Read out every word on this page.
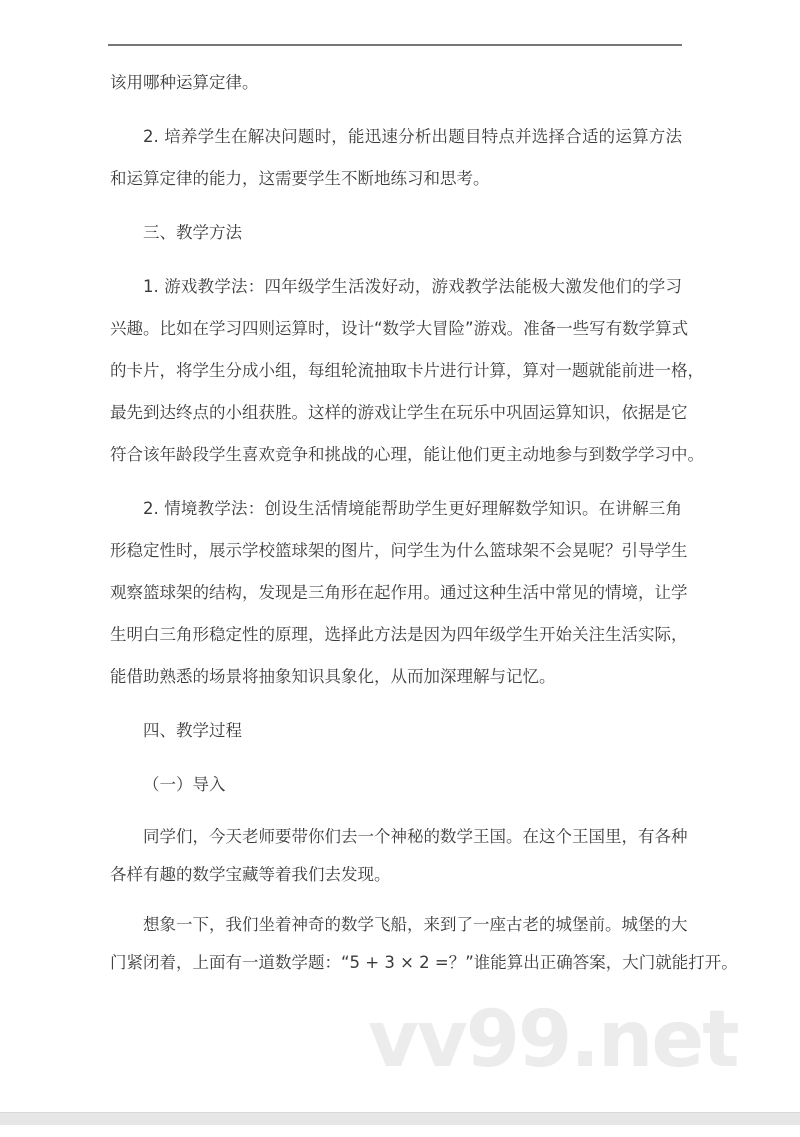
该用哪种运算定律。
2. 培养学生在解决问题时，能迅速分析出题目特点并选择合适的运算方法
和运算定律的能力，这需要学生不断地练习和思考。
三、教学方法
1. 游戏教学法：四年级学生活泼好动，游戏教学法能极大激发他们的学习
兴趣。比如在学习四则运算时，设计“数学大冒险”游戏。准备一些写有数学算式
的卡片，将学生分成小组，每组轮流抽取卡片进行计算，算对一题就能前进一格，
最先到达终点的小组获胜。这样的游戏让学生在玩乐中巩固运算知识，依据是它
符合该年龄段学生喜欢竞争和挑战的心理，能让他们更主动地参与到数学学习中。
2. 情境教学法：创设生活情境能帮助学生更好理解数学知识。在讲解三角
形稳定性时，展示学校篮球架的图片，问学生为什么篮球架不会晃呢？引导学生
观察篮球架的结构，发现是三角形在起作用。通过这种生活中常见的情境，让学
生明白三角形稳定性的原理，选择此方法是因为四年级学生开始关注生活实际，
能借助熟悉的场景将抽象知识具象化，从而加深理解与记忆。
四、教学过程
（一）导入
同学们，今天老师要带你们去一个神秘的数学王国。在这个王国里，有各种
各样有趣的数学宝藏等着我们去发现。
想象一下，我们坐着神奇的数学飞船，来到了一座古老的城堡前。城堡的大
门紧闭着，上面有一道数学题：“5 + 3 × 2 =？”谁能算出正确答案，大门就能打开。
vv99.net
